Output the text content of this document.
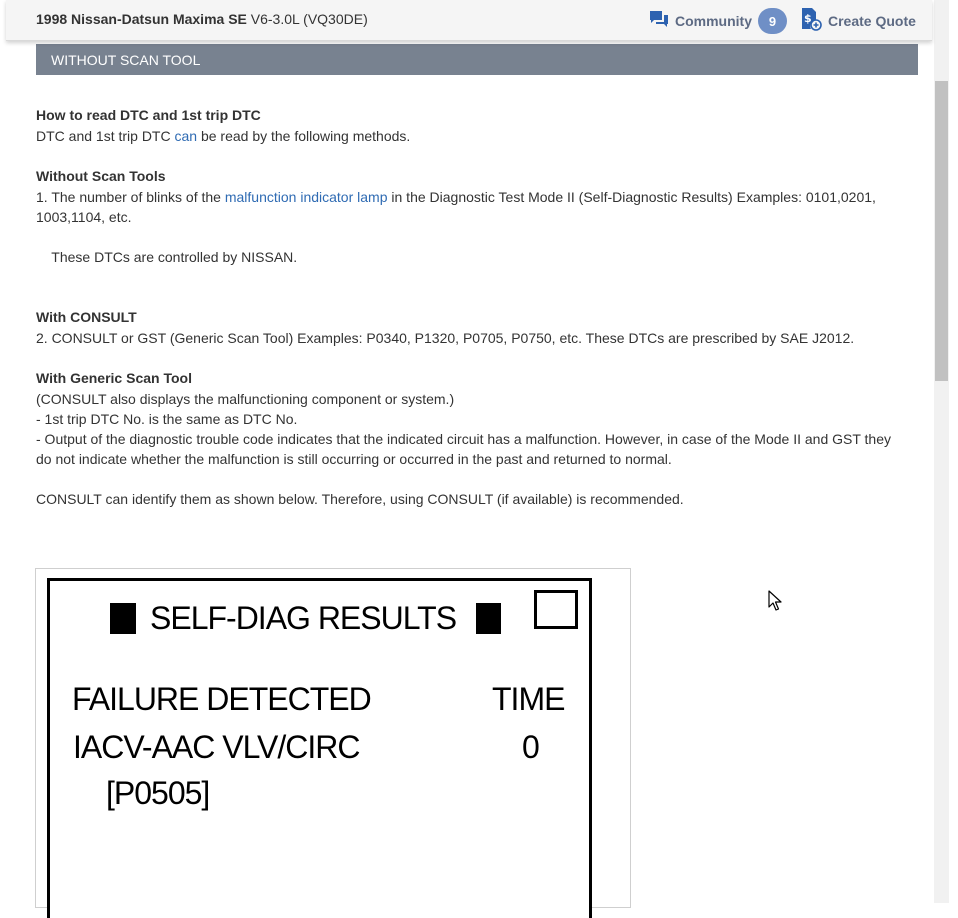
1998 Nissan-Datsun Maxima SE V6-3.0L (VQ30DE)	Community	9	$ Create Quote
WITHOUT SCAN TOOL
How to read DTC and 1st trip DTC
DTC and 1st trip DTC can be read by the following methods.
Without Scan Tools
1. The number of blinks of the malfunction indicator lamp in the Diagnostic Test Mode II (Self-Diagnostic Results) Examples: 0101,0201,
1003,1104, etc.
These DTCs are controlled by NISSAN.
With CONSULT
2. CONSULT or GST (Generic Scan Tool) Examples: P0340, P1320, P0705, P0750, etc. These DTCs are prescribed by SAE J2012.
With Generic Scan Tool
(CONSULT also displays the malfunctioning component or system.)
- 1st trip DTC No. is the same as DTC No.
- Output of the diagnostic trouble code indicates that the indicated circuit has a malfunction. However, in case of the Mode II and GST they
do not indicate whether the malfunction is still occurring or occurred in the past and returned to normal.
CONSULT can identify them as shown below. Therefore, using CONSULT (if available) is recommended.
SELF-DIAG RESULTS
FAILURE DETECTED	TIME
IACV-AAC VLV/CIRC	0
[P0505]
